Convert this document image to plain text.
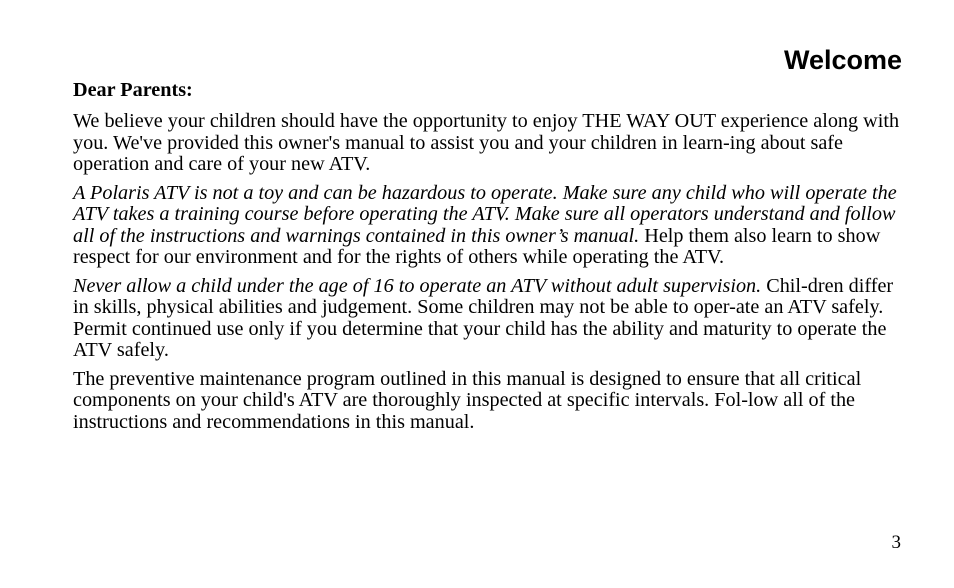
Welcome
Dear Parents:

We believe your children should have the opportunity to enjoy THE WAY OUT experience along with you. We've provided this owner's manual to assist you and your children in learn-ing about safe operation and care of your new ATV.

A Polaris ATV is not a toy and can be hazardous to operate. Make sure any child who will operate the ATV takes a training course before operating the ATV. Make sure all operators understand and follow all of the instructions and warnings contained in this owner’s manual. Help them also learn to show respect for our environment and for the rights of others while operating the ATV.

Never allow a child under the age of 16 to operate an ATV without adult supervision. Chil-dren differ in skills, physical abilities and judgement. Some children may not be able to oper-ate an ATV safely. Permit continued use only if you determine that your child has the ability and maturity to operate the ATV safely.

The preventive maintenance program outlined in this manual is designed to ensure that all critical components on your child's ATV are thoroughly inspected at specific intervals. Fol-low all of the instructions and recommendations in this manual.

3
